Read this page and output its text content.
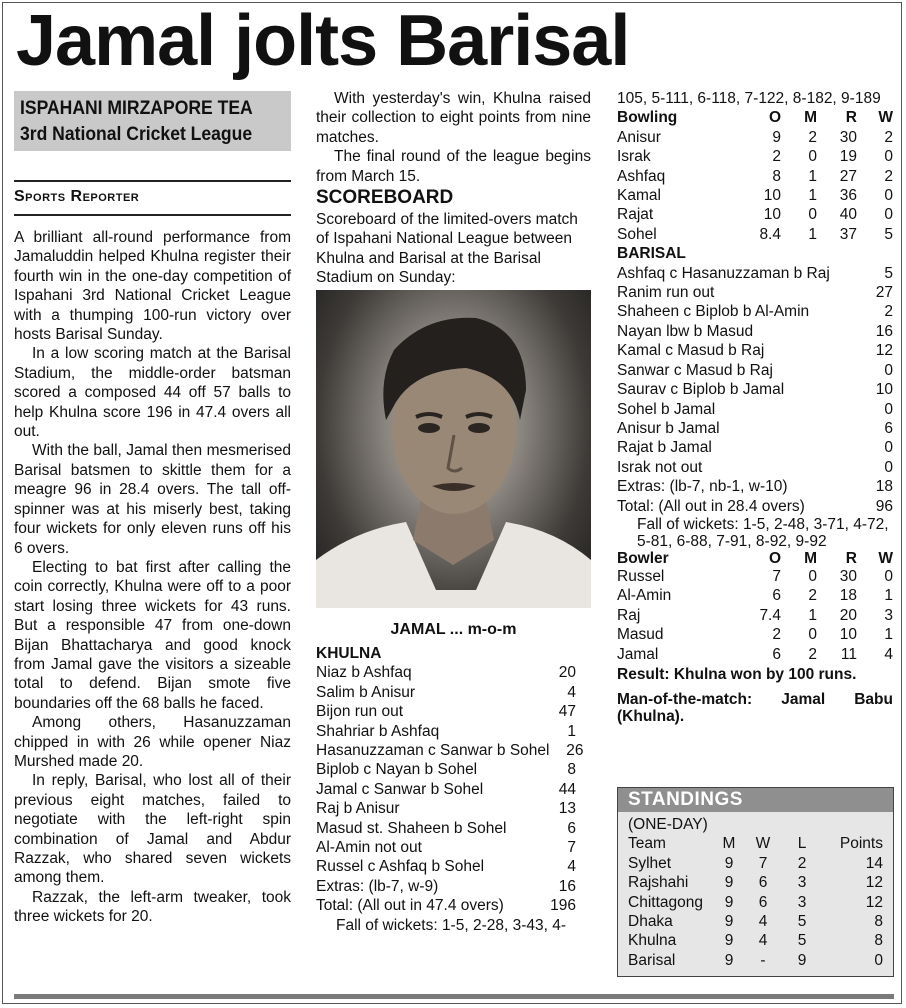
Jamal jolts Barisal
ISPAHANI MIRZAPORE TEA
3rd National Cricket League
Sports Reporter

A brilliant all-round performance from Jamaluddin helped Khulna register their fourth win in the one-day competition of Ispahani 3rd National Cricket League with a thumping 100-run victory over hosts Barisal Sunday.

In a low scoring match at the Barisal Stadium, the middle-order batsman scored a composed 44 off 57 balls to help Khulna score 196 in 47.4 overs all out.

With the ball, Jamal then mesmerised Barisal batsmen to skittle them for a meagre 96 in 28.4 overs. The tall off-spinner was at his miserly best, taking four wickets for only eleven runs off his 6 overs.

Electing to bat first after calling the coin correctly, Khulna were off to a poor start losing three wickets for 43 runs. But a responsible 47 from one-down Bijan Bhattacharya and good knock from Jamal gave the visitors a sizeable total to defend. Bijan smote five boundaries off the 68 balls he faced.

Among others, Hasanuzzaman chipped in with 26 while opener Niaz Murshed made 20.

In reply, Barisal, who lost all of their previous eight matches, failed to negotiate with the left-right spin combination of Jamal and Abdur Razzak, who shared seven wickets among them.

Razzak, the left-arm tweaker, took three wickets for 20.

With yesterday's win, Khulna raised their collection to eight points from nine matches.

The final round of the league begins from March 15.

SCOREBOARD

Scoreboard of the limited-overs match of Ispahani National League between Khulna and Barisal at the Barisal Stadium on Sunday:

JAMAL ... m-o-m
KHULNA
Niaz b Ashfaq	20
Salim b Anisur	4
Bijon run out	47
Shahriar b Ashfaq	1
Hasanuzzaman c Sanwar b Sohel	26
Biplob c Nayan b Sohel	8
Jamal c Sanwar b Sohel	44
Raj b Anisur	13
Masud st. Shaheen b Sohel	6
Al-Amin not out	7
Russel c Ashfaq b Sohel	4
Extras: (lb-7, w-9)	16
Total: (All out in 47.4 overs)	196
Fall of wickets: 1-5, 2-28, 3-43, 4-
105, 5-111, 6-118, 7-122, 8-182, 9-189
Bowling	O	M	R	W
Anisur	9	2	30	2
Israk	2	0	19	0
Ashfaq	8	1	27	2
Kamal	10	1	36	0
Rajat	10	0	40	0
Sohel	8.4	1	37	5
BARISAL
Ashfaq c Hasanuzzaman b Raj	5
Ranim run out	27
Shaheen c Biplob b Al-Amin	2
Nayan lbw b Masud	16
Kamal c Masud b Raj	12
Sanwar c Masud b Raj	0
Saurav c Biplob b Jamal	10
Sohel b Jamal	0
Anisur b Jamal	6
Rajat b Jamal	0
Israk not out	0
Extras: (lb-7, nb-1, w-10)	18
Total: (All out in 28.4 overs)	96
Fall of wickets: 1-5, 2-48, 3-71, 4-72, 5-81, 6-88, 7-91, 8-92, 9-92
Bowler	O	M	R	W
Russel	7	0	30	0
Al-Amin	6	2	18	1
Raj	7.4	1	20	3
Masud	2	0	10	1
Jamal	6	2	11	4
Result: Khulna won by 100 runs.
Man-of-the-match: Jamal Babu (Khulna).
STANDINGS
(ONE-DAY)
Team	M	W	L	Points
Sylhet	9	7	2	14
Rajshahi	9	6	3	12
Chittagong	9	6	3	12
Dhaka	9	4	5	8
Khulna	9	4	5	8
Barisal	9	-	9	0
